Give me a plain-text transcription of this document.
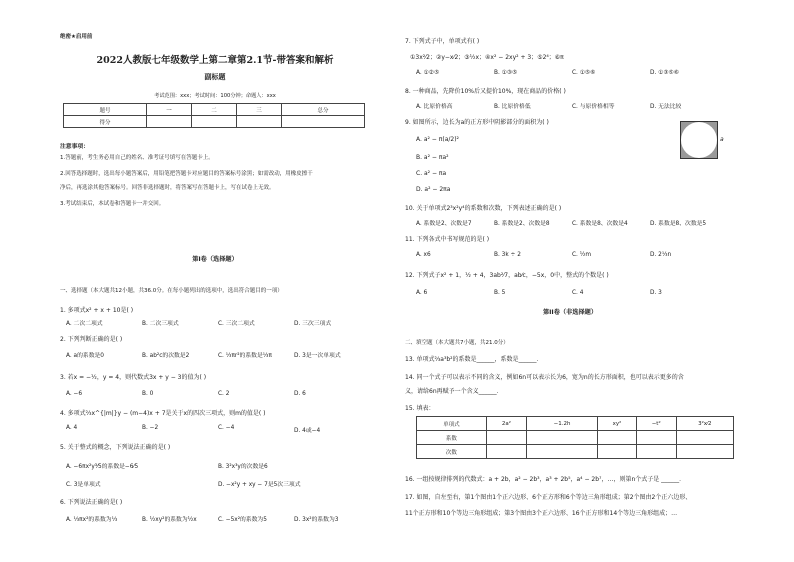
绝密★启用前
2022人教版七年级数学上第二章第2.1节-带答案和解析
副标题
考试范围：xxx；考试时间：100分钟；命题人：xxx
题号	一	二	三	总分
得分				
注意事项：
1.答题前，考生务必用自己的姓名、准考证号填写在答题卡上。
2.回答选择题时，选出每小题答案后，用铅笔把答题卡对应题目的答案标号涂黑；如需改动，用橡皮擦干
净后，再选涂其他答案标号。回答非选择题时，将答案写在答题卡上，写在试卷上无效。
3.考试结束后，本试卷和答题卡一并交回。
第I卷（选择题）
一、选择题（本大题共12小题，共36.0分。在每小题列出的选项中，选出符合题目的一项）
1. 多项式x² + x + 10是( )
A. 二次二项式	B. 二次三项式	C. 三次二项式	D. 三次三项式
2. 下列判断正确的是( )
A. a的系数是0	B. ab²c的次数是2	C. ⅓πr²的系数是⅓π	D. 3是一次单项式
3. 若x = −½，y = 4，则代数式3x + y − 3的值为( )
A. −6	B. 0	C. 2	D. 6
4. 多项式⅔x^{|m|}y − (m−4)x + 7是关于x的四次三项式，则m的值是( )
A. 4	B. −2	C. −4	D. 4或−4
5. 关于整式的概念，下列说法正确的是( )
A. −6πx²y³⁄5的系数是−6⁄5	B. 3²x³y的次数是6
C. 3是单项式	D. −x²y + xy − 7是5次三项式
6. 下列说法正确的是( )
A. ⅓πx²的系数为⅓	B. ½xy²的系数为½x	C. −5x²的系数为5	D. 3x²的系数为3
7. 下列式子中，单项式有( )
①3x²⁄2；②y−x⁄2；③½x；④x² − 2xy² + 3；⑤2⁴；⑥π
A. ①②⑤	B. ①③⑤	C. ①⑤⑥	D. ①③⑤⑥
8. 一种商品，先降价10%后又提价10%，现在商品的价格( )
A. 比原价格高	B. 比原价格低	C. 与原价格相等	D. 无法比较
9. 如图所示，边长为a的正方形中阴影部分的面积为( )
A. a² − π(a/2)²
B. a² − πa²
C. a² − πa
D. a² − 2πa
a
10. 关于单项式2³x²y⁴的系数和次数，下列表述正确的是( )
A. 系数是2、次数是7	B. 系数是2、次数是8	C. 系数是8、次数是4	D. 系数是8、次数是5
11. 下列各式中书写规范的是( )
A. x6	B. 3k ÷ 2	C. ½m	D. 2⅓n
12. 下列式子x² + 1，½ + 4，3ab²⁄7，ab⁄c，−5x，0中，整式的个数是( )
A. 6	B. 5	C. 4	D. 3
第II卷（非选择题）
二、填空题（本大题共7小题，共21.0分）
13. 单项式⅔a³b²的系数是______，系数是______．
14. 同一个式子可以表示不同的含义，例如6n可以表示长为6，宽为n的长方形面积，也可以表示更多的含
义，请给6n再赋予一个含义______．
15. 填表：
单项式	2a²	−1.2h	xy²	−t²	3²x⁄2
系数					
次数					
16. 一组按规律排列的代数式：a + 2b，a² − 2b³，a³ + 2b⁵，a⁴ − 2b⁷，…，则第n个式子是 ______．
17. 如图，自左至右，第1个图由1个正六边形、6个正方形和6个等边三角形组成；第2个图由2个正六边形、
11个正方形和10个等边三角形组成；第3个图由3个正六边形、16个正方形和14个等边三角形组成；…
